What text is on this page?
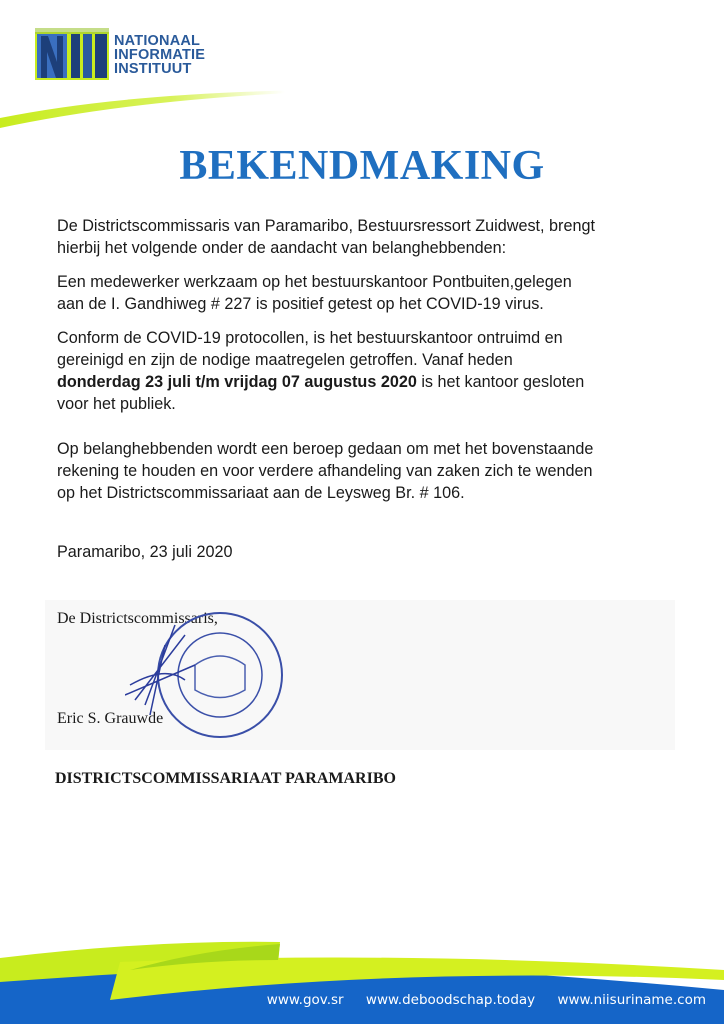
NATIONAAL
INFORMATIE
INSTITUUT
BEKENDMAKING
De Districtscommissaris van Paramaribo, Bestuursressort Zuidwest, brengt
hierbij het volgende onder de aandacht van belanghebbenden:
Een medewerker werkzaam op het bestuurskantoor Pontbuiten,gelegen
aan de I. Gandhiweg # 227 is positief getest op het COVID-19 virus.
Conform de COVID-19 protocollen, is het bestuurskantoor ontruimd en
gereinigd en zijn de nodige maatregelen getroffen. Vanaf heden
donderdag 23 juli t/m vrijdag 07 augustus 2020 is het kantoor gesloten
voor het publiek.
Op belanghebbenden wordt een beroep gedaan om met het bovenstaande
rekening te houden en voor verdere afhandeling van zaken zich te wenden
op het Districtscommissariaat aan de Leysweg Br. # 106.
Paramaribo, 23 juli 2020
De Districtscommissaris,
Eric S. Grauwde
DISTRICTSCOMMISSARIAAT PARAMARIBO
www.gov.sr www.deboodschap.today www.niisuriname.com
